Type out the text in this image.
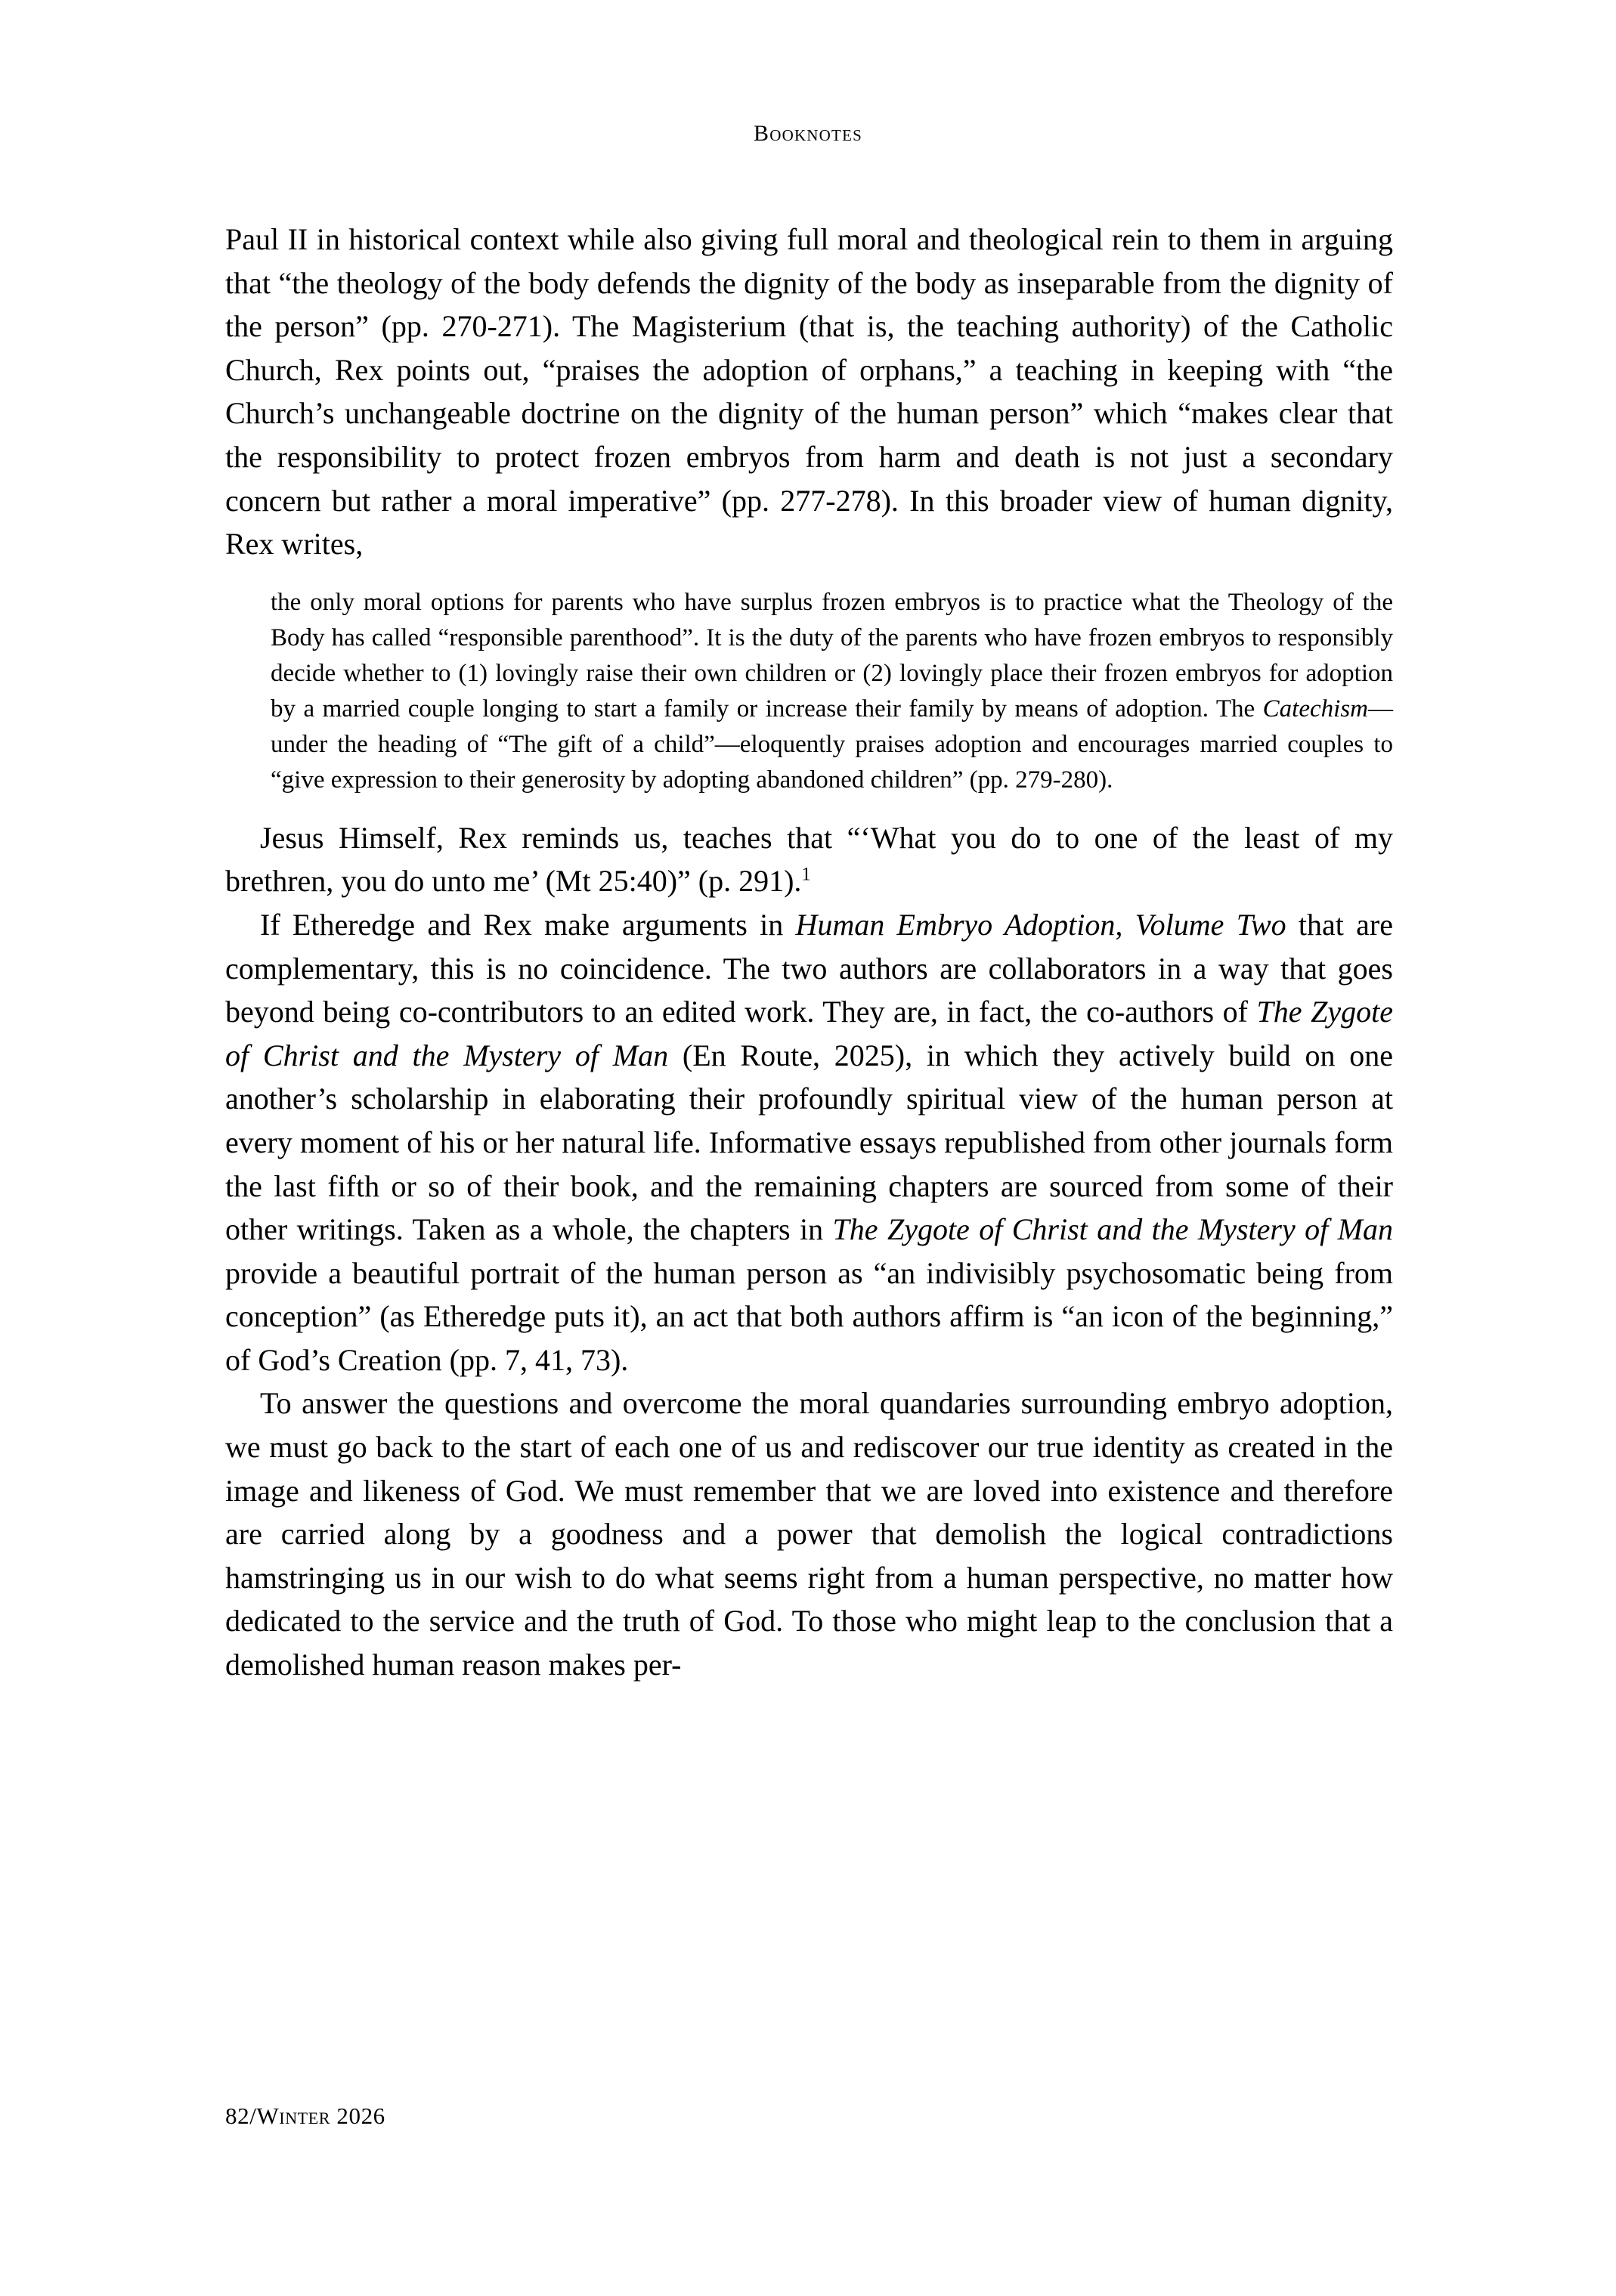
Booknotes

Paul II in historical context while also giving full moral and theological rein to them in arguing that “the theology of the body defends the dignity of the body as inseparable from the dignity of the person” (pp. 270-271). The Magisterium (that is, the teaching authority) of the Catholic Church, Rex points out, “praises the adoption of orphans,” a teaching in keeping with “the Church’s unchangeable doctrine on the dignity of the human person” which “makes clear that the responsibility to protect frozen embryos from harm and death is not just a secondary concern but rather a moral imperative” (pp. 277-278). In this broader view of human dignity, Rex writes,

the only moral options for parents who have surplus frozen embryos is to practice what the Theology of the Body has called “responsible parenthood”. It is the duty of the parents who have frozen embryos to responsibly decide whether to (1) lovingly raise their own children or (2) lovingly place their frozen embryos for adoption by a married couple longing to start a family or increase their family by means of adoption. The Catechism—under the heading of “The gift of a child”—eloquently praises adoption and encourages married couples to “give expression to their generosity by adopting abandoned children” (pp. 279-280).

Jesus Himself, Rex reminds us, teaches that “‘What you do to one of the least of my brethren, you do unto me’ (Mt 25:40)” (p. 291).$^1$

If Etheredge and Rex make arguments in Human Embryo Adoption, Volume Two that are complementary, this is no coincidence. The two authors are collaborators in a way that goes beyond being co-contributors to an edited work. They are, in fact, the co-authors of The Zygote of Christ and the Mystery of Man (En Route, 2025), in which they actively build on one another’s scholarship in elaborating their profoundly spiritual view of the human person at every moment of his or her natural life. Informative essays republished from other journals form the last fifth or so of their book, and the remaining chapters are sourced from some of their other writings. Taken as a whole, the chapters in The Zygote of Christ and the Mystery of Man provide a beautiful portrait of the human person as “an indivisibly psychosomatic being from conception” (as Etheredge puts it), an act that both authors affirm is “an icon of the beginning,” of God’s Creation (pp. 7, 41, 73).

To answer the questions and overcome the moral quandaries surrounding embryo adoption, we must go back to the start of each one of us and rediscover our true identity as created in the image and likeness of God. We must remember that we are loved into existence and therefore are carried along by a goodness and a power that demolish the logical contradictions hamstringing us in our wish to do what seems right from a human perspective, no matter how dedicated to the service and the truth of God. To those who might leap to the conclusion that a demolished human reason makes per-

82/Winter 2026
